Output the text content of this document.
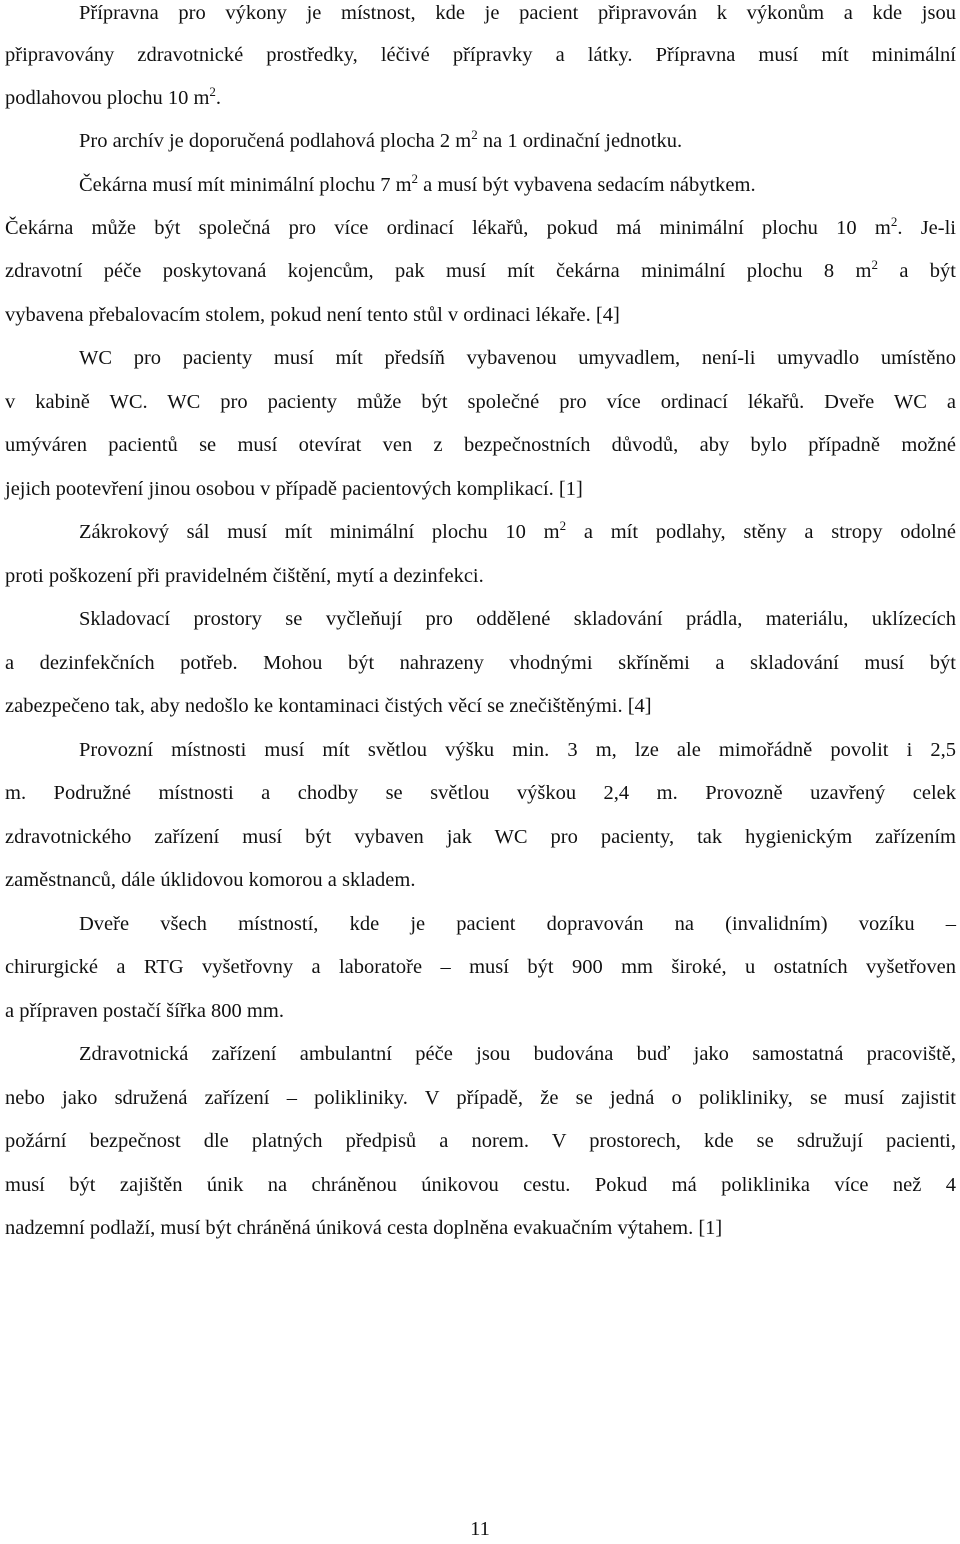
Přípravna pro výkony je místnost, kde je pacient připravován k výkonům a kde jsou
připravovány zdravotnické prostředky, léčivé přípravky a látky. Přípravna musí mít minimální
podlahovou plochu 10 $m^2$.
Pro archív je doporučená podlahová plocha 2 $m^2$ na 1 ordinační jednotku.
Čekárna musí mít minimální plochu 7 $m^2$ a musí být vybavena sedacím nábytkem.
Čekárna může být společná pro více ordinací lékařů, pokud má minimální plochu 10 $m^2$. Je-li
zdravotní péče poskytovaná kojencům, pak musí mít čekárna minimální plochu 8 $m^2$ a být
vybavena přebalovacím stolem, pokud není tento stůl v ordinaci lékaře. [4]
WC pro pacienty musí mít předsíň vybavenou umyvadlem, není-li umyvadlo umístěno
v kabině WC. WC pro pacienty může být společné pro více ordinací lékařů. Dveře WC a
umýváren pacientů se musí otevírat ven z bezpečnostních důvodů, aby bylo případně možné
jejich pootevření jinou osobou v případě pacientových komplikací. [1]
Zákrokový sál musí mít minimální plochu 10 $m^2$ a mít podlahy, stěny a stropy odolné
proti poškození při pravidelném čištění, mytí a dezinfekci.
Skladovací prostory se vyčleňují pro oddělené skladování prádla, materiálu, uklízecích
a dezinfekčních potřeb. Mohou být nahrazeny vhodnými skříněmi a skladování musí být
zabezpečeno tak, aby nedošlo ke kontaminaci čistých věcí se znečištěnými. [4]
Provozní místnosti musí mít světlou výšku min. 3 m, lze ale mimořádně povolit i 2,5
m. Podružné místnosti a chodby se světlou výškou 2,4 m. Provozně uzavřený celek
zdravotnického zařízení musí být vybaven jak WC pro pacienty, tak hygienickým zařízením
zaměstnanců, dále úklidovou komorou a skladem.
Dveře všech místností, kde je pacient dopravován na (invalidním) vozíku –
chirurgické a RTG vyšetřovny a laboratoře – musí být 900 mm široké, u ostatních vyšetřoven
a přípraven postačí šířka 800 mm.
Zdravotnická zařízení ambulantní péče jsou budována buď jako samostatná pracoviště,
nebo jako sdružená zařízení – polikliniky. V případě, že se jedná o polikliniky, se musí zajistit
požární bezpečnost dle platných předpisů a norem. V prostorech, kde se sdružují pacienti,
musí být zajištěn únik na chráněnou únikovou cestu. Pokud má poliklinika více než 4
nadzemní podlaží, musí být chráněná úniková cesta doplněna evakuačním výtahem. [1]
11
